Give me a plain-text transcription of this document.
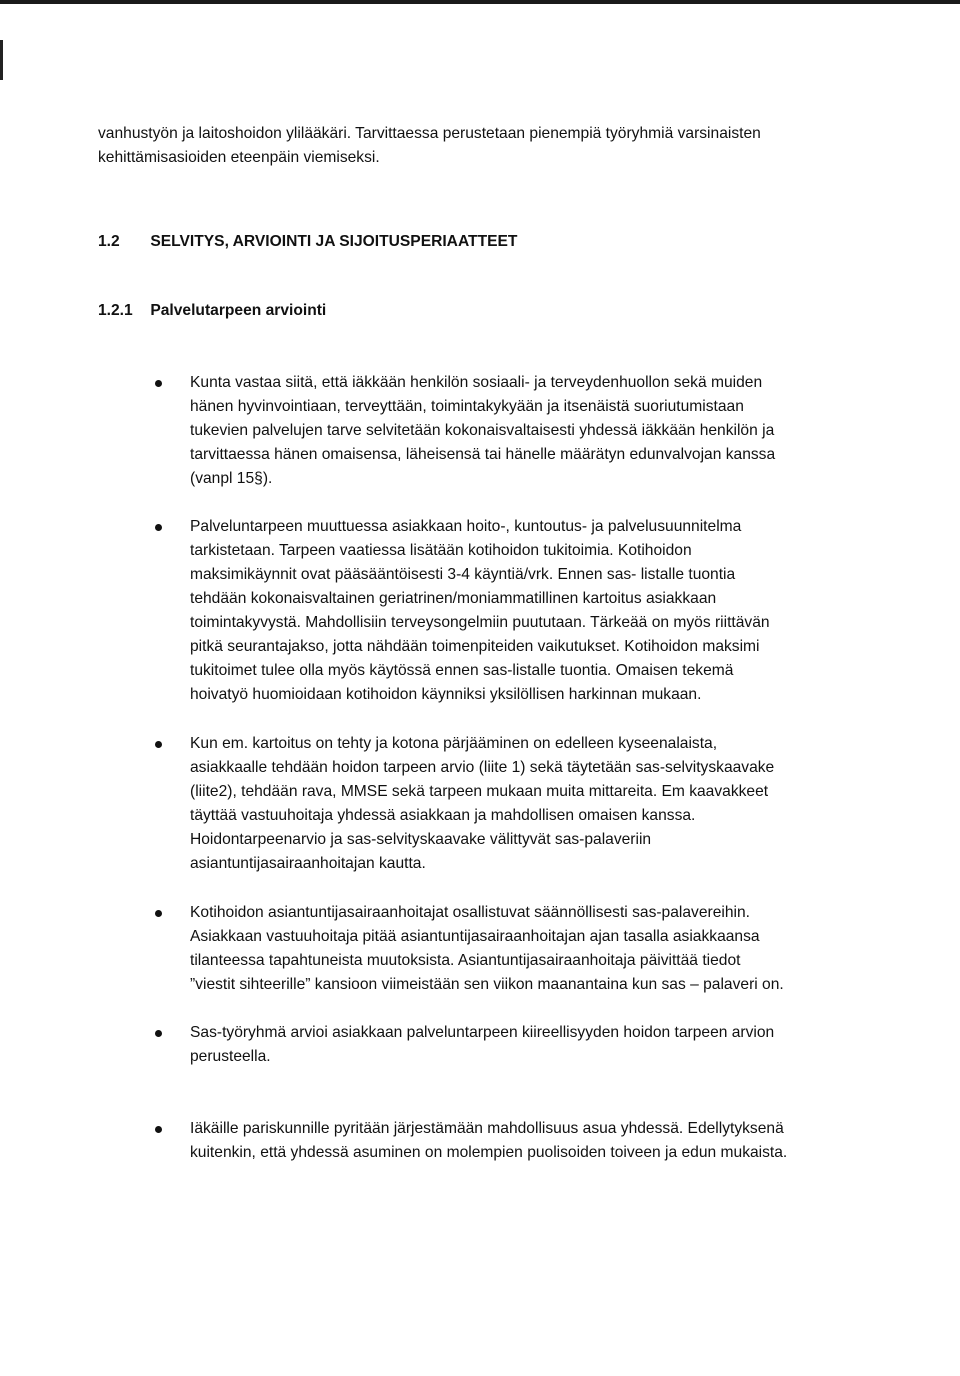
vanhustyön ja laitoshoidon ylilääkäri. Tarvittaessa perustetaan pienempiä työryhmiä varsinaisten
kehittämisasioiden eteenpäin viemiseksi.

1.2 SELVITYS, ARVIOINTI JA SIJOITUSPERIAATTEET
1.2.1 Palvelutarpeen arviointi
Kunta vastaa siitä, että iäkkään henkilön sosiaali- ja terveydenhuollon sekä muiden
hänen hyvinvointiaan, terveyttään, toimintakykyään ja itsenäistä suoriutumistaan
tukevien palvelujen tarve selvitetään kokonaisvaltaisesti yhdessä iäkkään henkilön ja
tarvittaessa hänen omaisensa, läheisensä tai hänelle määrätyn edunvalvojan kanssa
(vanpl 15§).
Palveluntarpeen muuttuessa asiakkaan hoito-, kuntoutus- ja palvelusuunnitelma
tarkistetaan. Tarpeen vaatiessa lisätään kotihoidon tukitoimia. Kotihoidon
maksimikäynnit ovat pääsääntöisesti 3-4 käyntiä/vrk. Ennen sas- listalle tuontia
tehdään kokonaisvaltainen geriatrinen/moniammatillinen kartoitus asiakkaan
toimintakyvystä. Mahdollisiin terveysongelmiin puututaan. Tärkeää on myös riittävän
pitkä seurantajakso, jotta nähdään toimenpiteiden vaikutukset. Kotihoidon maksimi
tukitoimet tulee olla myös käytössä ennen sas-listalle tuontia. Omaisen tekemä
hoivatyö huomioidaan kotihoidon käynniksi yksilöllisen harkinnan mukaan.
Kun em. kartoitus on tehty ja kotona pärjääminen on edelleen kyseenalaista,
asiakkaalle tehdään hoidon tarpeen arvio (liite 1) sekä täytetään sas-selvityskaavake
(liite2), tehdään rava, MMSE sekä tarpeen mukaan muita mittareita. Em kaavakkeet
täyttää vastuuhoitaja yhdessä asiakkaan ja mahdollisen omaisen kanssa.
Hoidontarpeenarvio ja sas-selvityskaavake välittyvät sas-palaveriin
asiantuntijasairaanhoitajan kautta.
Kotihoidon asiantuntijasairaanhoitajat osallistuvat säännöllisesti sas-palavereihin.
Asiakkaan vastuuhoitaja pitää asiantuntijasairaanhoitajan ajan tasalla asiakkaansa
tilanteessa tapahtuneista muutoksista. Asiantuntijasairaanhoitaja päivittää tiedot
”viestit sihteerille” kansioon viimeistään sen viikon maanantaina kun sas – palaveri on.
Sas-työryhmä arvioi asiakkaan palveluntarpeen kiireellisyyden hoidon tarpeen arvion
perusteella.
Iäkäille pariskunnille pyritään järjestämään mahdollisuus asua yhdessä. Edellytyksenä
kuitenkin, että yhdessä asuminen on molempien puolisoiden toiveen ja edun mukaista.
